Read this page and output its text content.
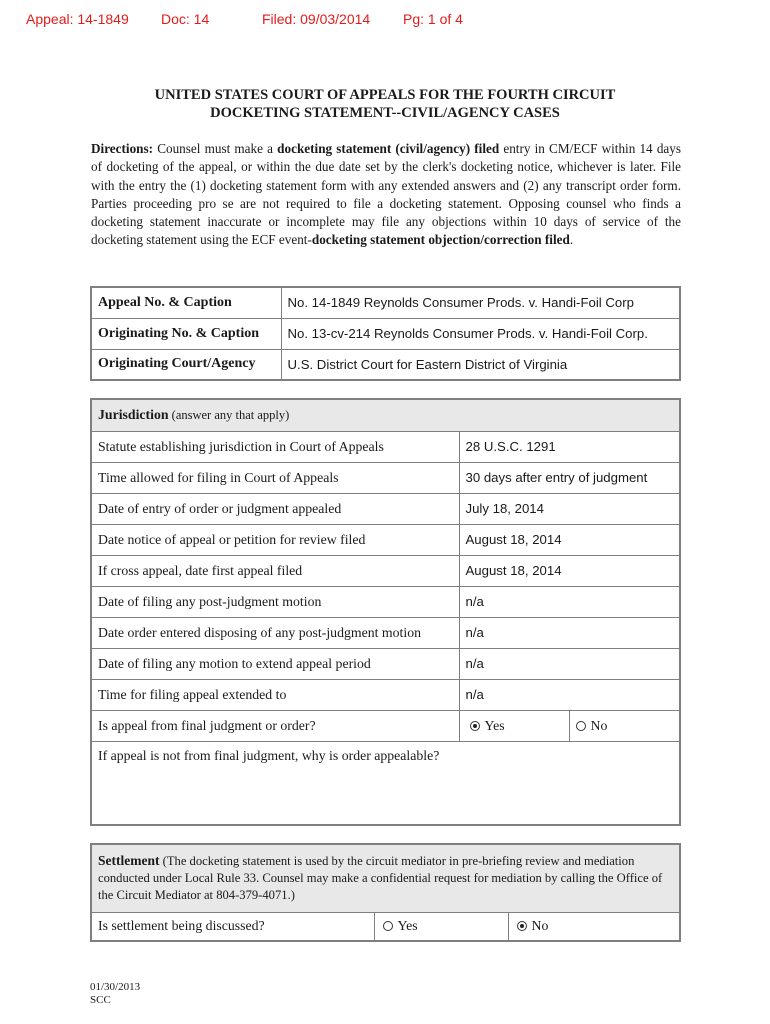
Appeal: 14-1849 Doc: 14	Filed: 09/03/2014 Pg: 1 of 4
UNITED STATES COURT OF APPEALS FOR THE FOURTH CIRCUIT
DOCKETING STATEMENT--CIVIL/AGENCY CASES
Directions: Counsel must make a docketing statement (civil/agency) filed entry in CM/ECF within 14 days of docketing of the appeal, or within the due date set by the clerk's docketing notice, whichever is later. File with the entry the (1) docketing statement form with any extended answers and (2) any transcript order form. Parties proceeding pro se are not required to file a docketing statement. Opposing counsel who finds a docketing statement inaccurate or incomplete may file any objections within 10 days of service of the docketing statement using the ECF event-docketing statement objection/correction filed.
Appeal No. & Caption	No. 14-1849 Reynolds Consumer Prods. v. Handi-Foil Corp
Originating No. & Caption	No. 13-cv-214 Reynolds Consumer Prods. v. Handi-Foil Corp.
Originating Court/Agency	U.S. District Court for Eastern District of Virginia
Jurisdiction (answer any that apply)		
Statute establishing jurisdiction in Court of Appeals	28 U.S.C. 1291	
Time allowed for filing in Court of Appeals	30 days after entry of judgment	
Date of entry of order or judgment appealed	July 18, 2014	
Date notice of appeal or petition for review filed	August 18, 2014	
If cross appeal, date first appeal filed	August 18, 2014	
Date of filing any post-judgment motion	n/a	
Date order entered disposing of any post-judgment motion	n/a	
Date of filing any motion to extend appeal period	n/a	
Time for filing appeal extended to	n/a	
Is appeal from final judgment or order?	Yes	No

If appeal is not from final judgment, why is order appealable?		
Settlement (The docketing statement is used by the circuit mediator in pre-briefing review and mediation conducted under Local Rule 33. Counsel may make a confidential request for mediation by calling the Office of the Circuit Mediator at 804-379-4071.)
Is settlement being discussed?	Yes	No
01/30/2013
SCC
